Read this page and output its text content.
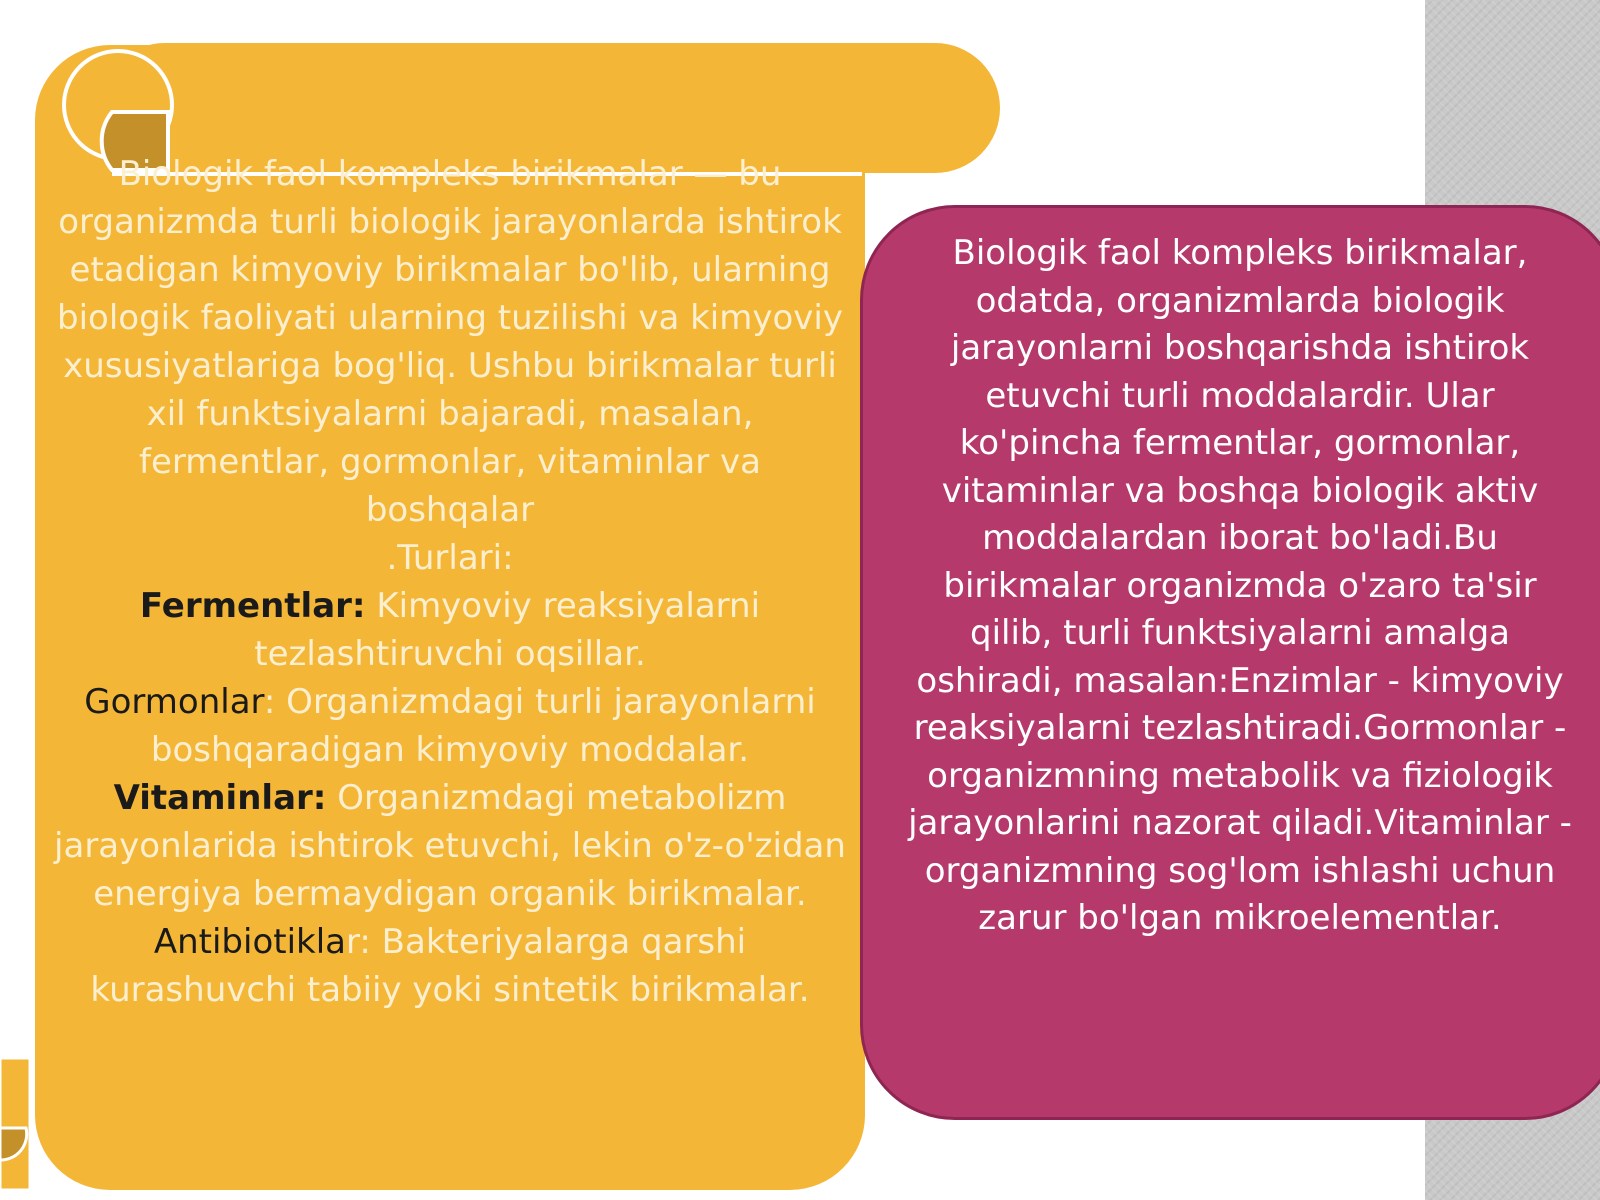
Biologik faol kompleks birikmalar — bu organizmda turli biologik jarayonlarda ishtirok etadigan kimyoviy birikmalar bo'lib, ularning biologik faoliyati ularning tuzilishi va kimyoviy xususiyatlariga bog'liq. Ushbu birikmalar turli xil funktsiyalarni bajaradi, masalan, fermentlar, gormonlar, vitaminlar va boshqalar

.Turlari:

Fermentlar: Kimyoviy reaksiyalarni tezlashtiruvchi oqsillar.

Gormonlar: Organizmdagi turli jarayonlarni boshqaradigan kimyoviy moddalar.

Vitaminlar: Organizmdagi metabolizm jarayonlarida ishtirok etuvchi, lekin o'z-o'zidan energiya bermaydigan organik birikmalar.

Antibiotiklar: Bakteriyalarga qarshi kurashuvchi tabiiy yoki sintetik birikmalar.

Biologik faol kompleks birikmalar, odatda, organizmlarda biologik jarayonlarni boshqarishda ishtirok etuvchi turli moddalardir. Ular ko'pincha fermentlar, gormonlar, vitaminlar va boshqa biologik aktiv moddalardan iborat bo'ladi.Bu birikmalar organizmda o'zaro ta'sir qilib, turli funktsiyalarni amalga oshiradi, masalan:Enzimlar - kimyoviy reaksiyalarni tezlashtiradi.Gormonlar - organizmning metabolik va fiziologik jarayonlarini nazorat qiladi.Vitaminlar - organizmning sog'lom ishlashi uchun zarur bo'lgan mikroelementlar.
